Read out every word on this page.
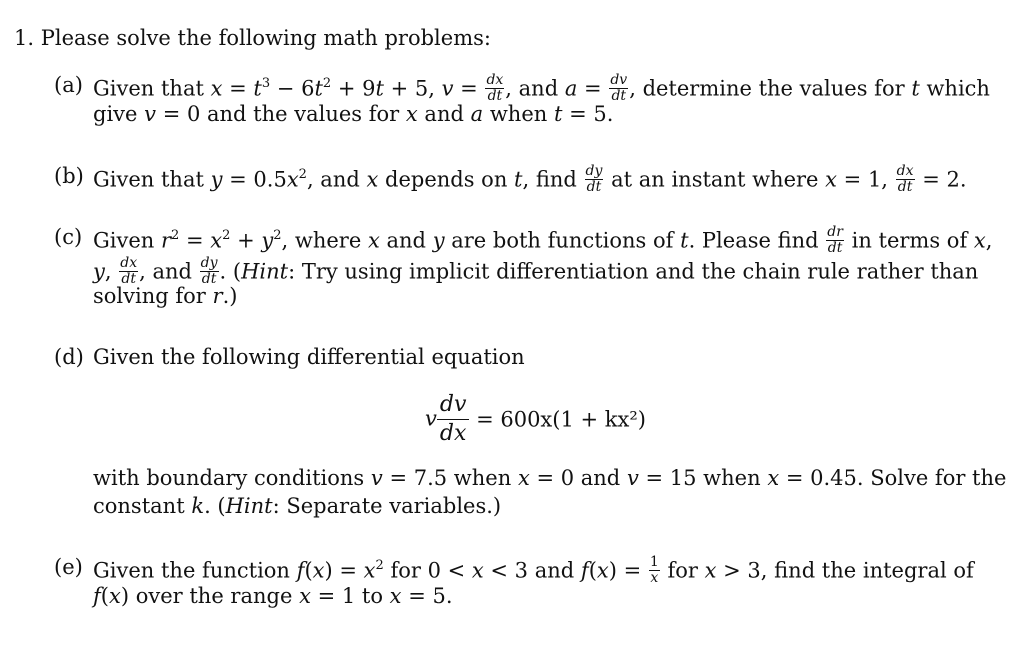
1. Please solve the following math problems:
(a) Given that $x = t^3 - 6t^2 + 9t + 5$, $v = \frac{dx}{dt}$ , and $a = \frac{dv}{dt}$ , determine the values for t which
give v = 0 and the values for x and a when t = 5.
(b) Given that $y = 0.5x^2$, and x depends on t, find $\frac{dy}{dt}$ at an instant where x = 1, $\frac{dx}{dt} = 2$.
(c) Given $r^2 = x^2 + y^2$, where x and y are both functions of t. Please find $\frac{dr}{dt}$ in terms of x,
y, $\frac{dx}{dt}$ , and $\frac{dy}{dt}$ . (Hint: Try using implicit differentiation and the chain rule rather than
solving for r.)
(d) Given the following differential equation
v $\frac{dv}{dx} = 600x(1 + kx^2)$
with boundary conditions v = 7.5 when x = 0 and v = 15 when x = 0.45. Solve for the
constant k. (Hint: Separate variables.)
(e) Given the function $f(x) = x^2$ for 0 < x < 3 and $f(x) = \frac{1}{x}$ for x > 3, find the integral of
f(x) over the range x = 1 to x = 5.
